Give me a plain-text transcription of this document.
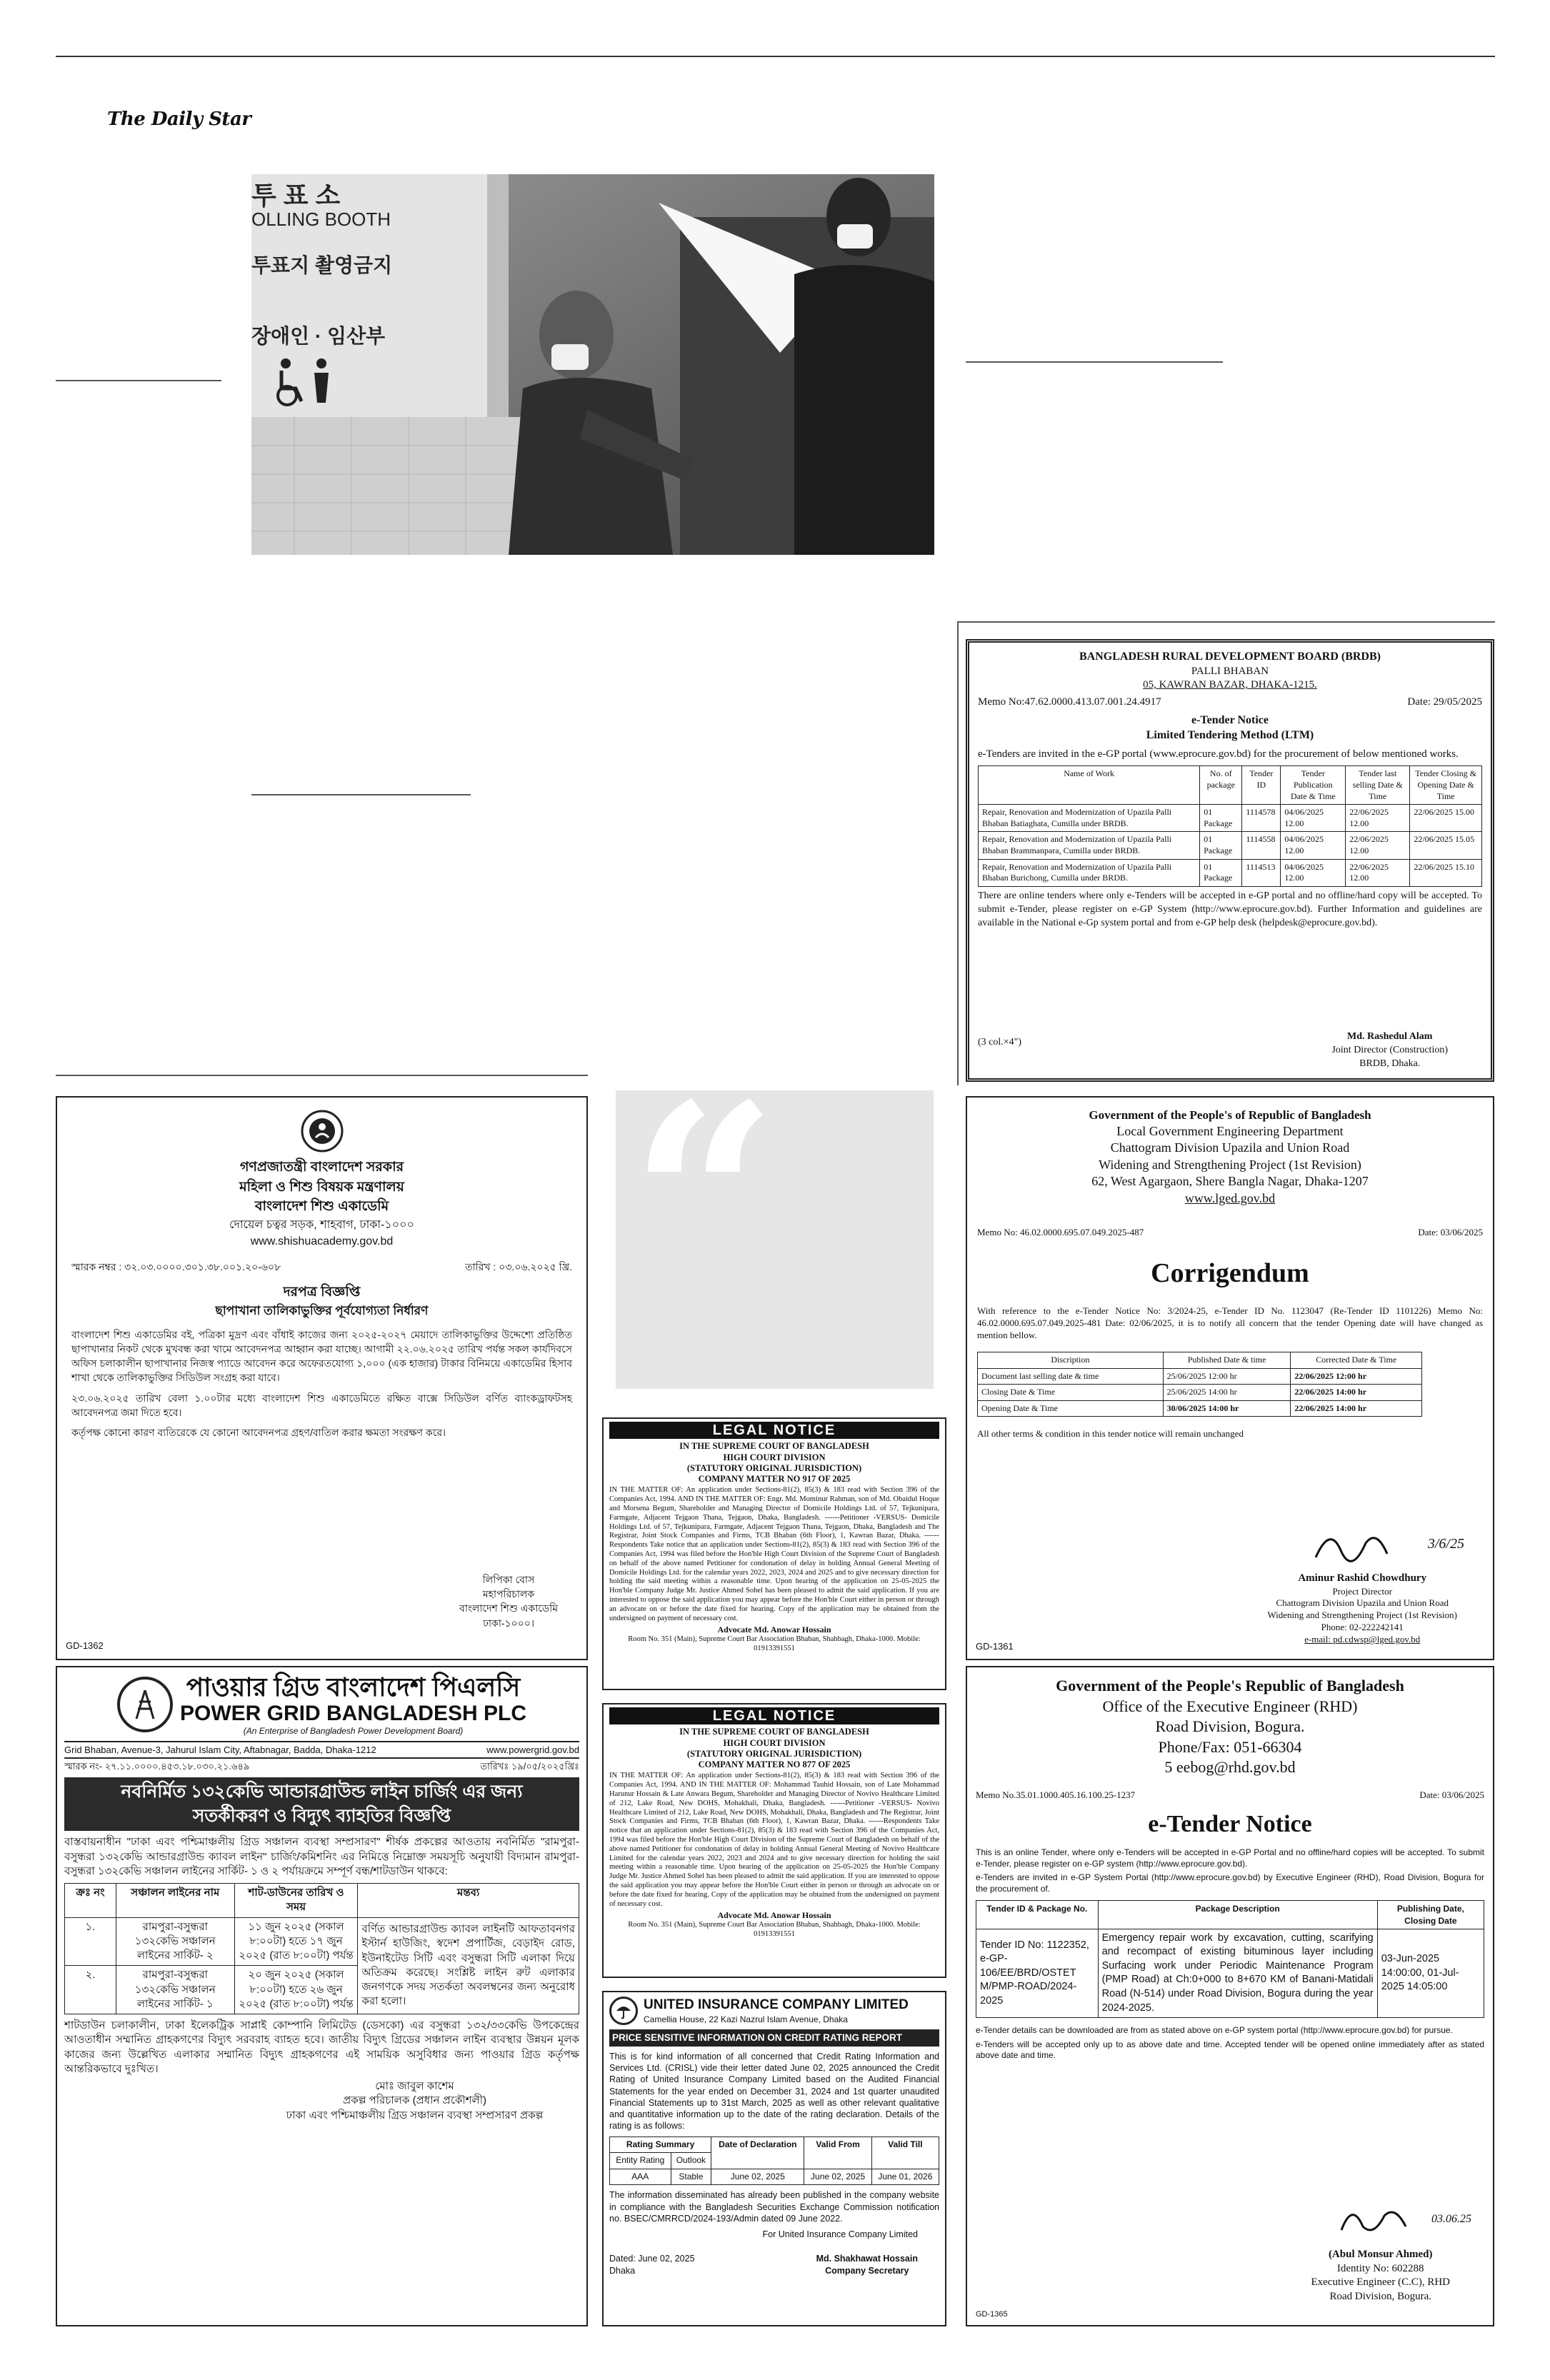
The Daily Star
투 표 소
OLLING BOOTH
투표지 촬영금지
장애인 · 임산부
“
BANGLADESH RURAL DEVELOPMENT BOARD (BRDB)
PALLI BHABAN
05, KAWRAN BAZAR, DHAKA-1215.
Memo No:47.62.0000.413.07.001.24.4917	Date: 29/05/2025
e-Tender Notice
Limited Tendering Method (LTM)
e-Tenders are invited in the e-GP portal (www.eprocure.gov.bd) for the procurement of below mentioned works.
Name of Work	No. of package	Tender ID	Tender Publication Date & Time	Tender last selling Date & Time	Tender Closing & Opening Date & Time
Repair, Renovation and Modernization of Upazila Palli Bhaban Batiaghata, Cumilla under BRDB.	01 Package	1114578	04/06/2025 12.00	22/06/2025 12.00	22/06/2025 15.00
Repair, Renovation and Modernization of Upazila Palli Bhaban Brammanpara, Cumilla under BRDB.	01 Package	1114558	04/06/2025 12.00	22/06/2025 12.00	22/06/2025 15.05
Repair, Renovation and Modernization of Upazila Palli Bhaban Burichong, Cumilla under BRDB.	01 Package	1114513	04/06/2025 12.00	22/06/2025 12.00	22/06/2025 15.10
There are online tenders where only e-Tenders will be accepted in e-GP portal and no offline/hard copy will be accepted. To submit e-Tender, please register on e-GP System (http://www.eprocure.gov.bd). Further Information and guidelines are available in the National e-Gp system portal and from e-GP help desk (helpdesk@eprocure.gov.bd).
(3 col.×4")
Md. Rashedul Alam
Joint Director (Construction)
BRDB, Dhaka.
গণপ্রজাতন্ত্রী বাংলাদেশ সরকার
মহিলা ও শিশু বিষয়ক মন্ত্রণালয়
বাংলাদেশ শিশু একাডেমি
দোয়েল চত্বর সড়ক, শাহবাগ, ঢাকা-১০০০
www.shishuacademy.gov.bd
স্মারক নম্বর : ৩২.০৩.০০০০.৩০১.৩৮.০০১.২০-৬০৮	তারিখ : ০৩.০৬.২০২৫ খ্রি.
দরপত্র বিজ্ঞপ্তি
ছাপাখানা তালিকাভুক্তির পূর্বযোগ্যতা নির্ধারণ
বাংলাদেশ শিশু একাডেমির বই, পত্রিকা মুদ্রণ এবং বাঁধাই কাজের জন্য ২০২৫-২০২৭ মেয়াদে তালিকাভুক্তির উদ্দেশ্যে প্রতিষ্ঠিত ছাপাখানার নিকট থেকে মুখবন্ধ করা খামে আবেদনপত্র আহ্বান করা যাচ্ছে। আগামী ২২.০৬.২০২৫ তারিখ পর্যন্ত সকল কার্যদিবসে অফিস চলাকালীন ছাপাখানার নিজস্ব প্যাডে আবেদন করে অফেরতযোগ্য ১,০০০ (এক হাজার) টাকার বিনিময়ে একাডেমির হিসাব শাখা থেকে তালিকাভুক্তির সিডিউল সংগ্রহ করা যাবে।
২৩.০৬.২০২৫ তারিখ বেলা ১.০০টার মধ্যে বাংলাদেশ শিশু একাডেমিতে রক্ষিত বাক্সে সিডিউল বর্ণিত ব্যাংকড্রাফটসহ আবেদনপত্র জমা দিতে হবে।
কর্তৃপক্ষ কোনো কারণ ব্যতিরেকে যে কোনো আবেদনপত্র গ্রহণ/বাতিল করার ক্ষমতা সংরক্ষণ করে।
লিপিকা বোস
মহাপরিচালক
বাংলাদেশ শিশু একাডেমি
ঢাকা-১০০০।
GD-1362
Government of the People's of Republic of Bangladesh
Local Government Engineering Department
Chattogram Division Upazila and Union Road
Widening and Strengthening Project (1st Revision)
62, West Agargaon, Shere Bangla Nagar, Dhaka-1207
www.lged.gov.bd
Memo No: 46.02.0000.695.07.049.2025-487	Date: 03/06/2025
Corrigendum
With reference to the e-Tender Notice No: 3/2024-25, e-Tender ID No. 1123047 (Re-Tender ID 1101226) Memo No: 46.02.0000.695.07.049.2025-481 Date: 02/06/2025, it is to notify all concern that the tender Opening date will have changed as mention bellow.
Discription	Published Date & time	Corrected Date & Time
Document last selling date & time	25/06/2025 12:00 hr	22/06/2025 12:00 hr
Closing Date & Time	25/06/2025 14:00 hr	22/06/2025 14:00 hr
Opening Date & Time	30/06/2025 14:00 hr	22/06/2025 14:00 hr
All other terms & condition in this tender notice will remain unchanged
3/6/25
Aminur Rashid Chowdhury
Project Director
Chattogram Division Upazila and Union Road
Widening and Strengthening Project (1st Revision)
Phone: 02-222242141
e-mail: pd.cdwsp@lged.gov.bd
GD-1361
LEGAL NOTICE
IN THE SUPREME COURT OF BANGLADESH
HIGH COURT DIVISION
(STATUTORY ORIGINAL JURISDICTION)
COMPANY MATTER NO 917 OF 2025
IN THE MATTER OF: An application under Sections-81(2), 85(3) & 183 read with Section 396 of the Companies Act, 1994. AND IN THE MATTER OF: Engr. Md. Mominur Rahman, son of Md. Obaidul Hoque and Morsena Begum, Shareholder and Managing Director of Domicile Holdings Ltd. of 57, Tejkunipara, Farmgate, Adjacent Tejgaon Thana, Tejgaon, Dhaka, Bangladesh. ------Petitioner -VERSUS- Domicile Holdings Ltd. of 57, Tejkunipara, Farmgate, Adjacent Tejgaon Thana, Tejgaon, Dhaka, Bangladesh and The Registrar, Joint Stock Companies and Firms, TCB Bhaban (6th Floor), 1, Kawran Bazar, Dhaka. ------Respondents Take notice that an application under Sections-81(2), 85(3) & 183 read with Section 396 of the Companies Act, 1994 was filed before the Hon'ble High Court Division of the Supreme Court of Bangladesh on behalf of the above named Petitioner for condonation of delay in holding Annual General Meeting of Domicile Holdings Ltd. for the calendar years 2022, 2023, 2024 and 2025 and to give necessary direction for holding the said meeting within a reasonable time. Upon hearing of the application on 25-05-2025 the Hon'ble Company Judge Mr. Justice Ahmed Sohel has been pleased to admit the said application. If you are interested to oppose the said application you may appear before the Hon'ble Court either in person or through an advocate on or before the date fixed for hearing. Copy of the application may be obtained from the undersigned on payment of necessary cost.
Advocate Md. Anowar Hossain
Room No. 351 (Main), Supreme Court Bar Association Bhaban, Shahbagh, Dhaka-1000. Mobile: 01913391551
LEGAL NOTICE
IN THE SUPREME COURT OF BANGLADESH
HIGH COURT DIVISION
(STATUTORY ORIGINAL JURISDICTION)
COMPANY MATTER NO 877 OF 2025
IN THE MATTER OF: An application under Sections-81(2), 85(3) & 183 read with Section 396 of the Companies Act, 1994. AND IN THE MATTER OF: Mohammad Tauhid Hossain, son of Late Mohammad Harunur Hossain & Late Anwara Begum, Shareholder and Managing Director of Novivo Healthcare Limited of 212, Lake Road, New DOHS, Mohakhali, Dhaka, Bangladesh. ------Petitioner -VERSUS- Novivo Healthcare Limited of 212, Lake Road, New DOHS, Mohakhali, Dhaka, Bangladesh and The Registrar, Joint Stock Companies and Firms, TCB Bhaban (6th Floor), 1, Kawran Bazar, Dhaka. ------Respondents Take notice that an application under Sections-81(2), 85(3) & 183 read with Section 396 of the Companies Act, 1994 was filed before the Hon'ble High Court Division of the Supreme Court of Bangladesh on behalf of the above named Petitioner for condonation of delay in holding Annual General Meeting of Novivo Healthcare Limited for the calendar years 2022, 2023 and 2024 and to give necessary direction for holding the said meeting within a reasonable time. Upon hearing of the application on 25-05-2025 the Hon'ble Company Judge Mr. Justice Ahmed Sohel has been pleased to admit the said application. If you are interested to oppose the said application you may appear before the Hon'ble Court either in person or through an advocate on or before the date fixed for hearing. Copy of the application may be obtained from the undersigned on payment of necessary cost.
Advocate Md. Anowar Hossain
Room No. 351 (Main), Supreme Court Bar Association Bhaban, Shahbagh, Dhaka-1000. Mobile: 01913391551
UNITED INSURANCE COMPANY LIMITED
Camellia House, 22 Kazi Nazrul Islam Avenue, Dhaka
PRICE SENSITIVE INFORMATION ON CREDIT RATING REPORT
This is for kind information of all concerned that Credit Rating Information and Services Ltd. (CRISL) vide their letter dated June 02, 2025 announced the Credit Rating of United Insurance Company Limited based on the Audited Financial Statements for the year ended on December 31, 2024 and 1st quarter unaudited Financial Statements up to 31st March, 2025 as well as other relevant qualitative and quantitative information up to the date of the rating declaration. Details of the rating is as follows:
Rating Summary		Date of Declaration	Valid From	Valid Till
Entity Rating	Outlook			
AAA	Stable	June 02, 2025	June 02, 2025	June 01, 2026
The information disseminated has already been published in the company website in compliance with the Bangladesh Securities Exchange Commission notification no. BSEC/CMRRCD/2024-193/Admin dated 09 June 2022.
For United Insurance Company Limited
Dated: June 02, 2025
Dhaka
Md. Shakhawat Hossain
Company Secretary
পাওয়ার গ্রিড বাংলাদেশ পিএলসি
POWER GRID BANGLADESH PLC
(An Enterprise of Bangladesh Power Development Board)
Grid Bhaban, Avenue-3, Jahurul Islam City, Aftabnagar, Badda, Dhaka-1212	www.powergrid.gov.bd
স্মারক নং- ২৭.১১.০০০০.৪৫৩.১৮.০৩০.২১.৬৪৯	তারিখঃ ১৯/০৫/২০২৫খ্রিঃ
নবনির্মিত ১৩২কেভি আন্ডারগ্রাউন্ড লাইন চার্জিং এর জন্য
সতর্কীকরণ ও বিদ্যুৎ ব্যাহতির বিজ্ঞপ্তি
বাস্তবায়নাধীন "ঢাকা এবং পশ্চিমাঞ্চলীয় গ্রিড সঞ্চালন ব্যবস্থা সম্প্রসারণ" শীর্ষক প্রকল্পের আওতায় নবনির্মিত "রামপুরা-বসুন্ধরা ১৩২কেভি আন্ডারগ্রাউন্ড ক্যাবল লাইন" চার্জিং/কমিশনিং এর নিমিত্তে নিম্নোক্ত সময়সূচি অনুযায়ী বিদ্যমান রামপুরা-বসুন্ধরা ১৩২কেভি সঞ্চালন লাইনের সার্কিট- ১ ও ২ পর্যায়ক্রমে সম্পূর্ণ বন্ধ/শাটডাউন থাকবে:
ক্রঃ নং	সঞ্চালন লাইনের নাম	শাট-ডাউনের তারিখ ও সময়	মন্তব্য
১.	রামপুরা-বসুন্ধরা ১৩২কেভি সঞ্চালন লাইনের সার্কিট- ২	১১ জুন ২০২৫ (সকাল ৮:০০টা) হতে ১৭ জুন ২০২৫ (রাত ৮:০০টা) পর্যন্ত	বর্ণিত আন্ডারগ্রাউন্ড ক্যাবল লাইনটি আফতাবনগর ইস্টার্ন হাউজিং, স্বদেশ প্রপার্টিজ, বেড়াইদ রোড, ইউনাইটেড সিটি এবং বসুন্ধরা সিটি এলাকা দিয়ে অতিক্রম করেছে। সংশ্লিষ্ট লাইন রুট এলাকার জনগণকে সদয় সতর্কতা অবলম্বনের জন্য অনুরোধ করা হলো।
২.	রামপুরা-বসুন্ধরা ১৩২কেভি সঞ্চালন লাইনের সার্কিট- ১	২০ জুন ২০২৫ (সকাল ৮:০০টা) হতে ২৬ জুন ২০২৫ (রাত ৮:০০টা) পর্যন্ত	
শাটডাউন চলাকালীন, ঢাকা ইলেকট্রিক সাপ্লাই কোম্পানি লিমিটেড (ডেসকো) এর বসুন্ধরা ১৩২/৩৩কেভি উপকেন্দ্রের আওতাধীন সম্মানিত গ্রাহকগণের বিদ্যুৎ সরবরাহ ব্যাহত হবে। জাতীয় বিদ্যুৎ গ্রিডের সঞ্চালন লাইন ব্যবস্থার উন্নয়ন মূলক কাজের জন্য উল্লেখিত এলাকার সম্মানিত বিদ্যুৎ গ্রাহকগণের এই সাময়িক অসুবিধার জন্য পাওয়ার গ্রিড কর্তৃপক্ষ আন্তরিকভাবে দুঃখিত।
মোঃ জাবুল কাশেম
প্রকল্প পরিচালক (প্রধান প্রকৌশলী)
ঢাকা এবং পশ্চিমাঞ্চলীয় গ্রিড সঞ্চালন ব্যবস্থা সম্প্রসারণ প্রকল্প
Government of the People's Republic of Bangladesh
Office of the Executive Engineer (RHD)
Road Division, Bogura.
Phone/Fax: 051-66304
5 eebog@rhd.gov.bd
Memo No.35.01.1000.405.16.100.25-1237	Date: 03/06/2025
e-Tender Notice
This is an online Tender, where only e-Tenders will be accepted in e-GP Portal and no offline/hard copies will be accepted. To submit e-Tender, please register on e-GP system (http://www.eprocure.gov.bd).
e-Tenders are invited in e-GP System Portal (http://www.eprocure.gov.bd) by Executive Engineer (RHD), Road Division, Bogura for the procurement of.
Tender ID & Package No.	Package Description	Publishing Date, Closing Date
Tender ID No: 1122352, e-GP-106/EE/BRD/OSTET M/PMP-ROAD/2024-2025	Emergency repair work by excavation, cutting, scarifying and recompact of existing bituminous layer including Surfacing work under Periodic Maintenance Program (PMP Road) at Ch:0+000 to 8+670 KM of Banani-Matidali Road (N-514) under Road Division, Bogura during the year 2024-2025.	03-Jun-2025 14:00:00, 01-Jul-2025 14:05:00
e-Tender details can be downloaded are from as stated above on e-GP system portal (http://www.eprocure.gov.bd) for pursue.
e-Tenders will be accepted only up to as above date and time. Accepted tender will be opened online immediately after as stated above date and time.
03.06.25
(Abul Monsur Ahmed)
Identity No: 602288
Executive Engineer (C.C), RHD
Road Division, Bogura.
GD-1365
